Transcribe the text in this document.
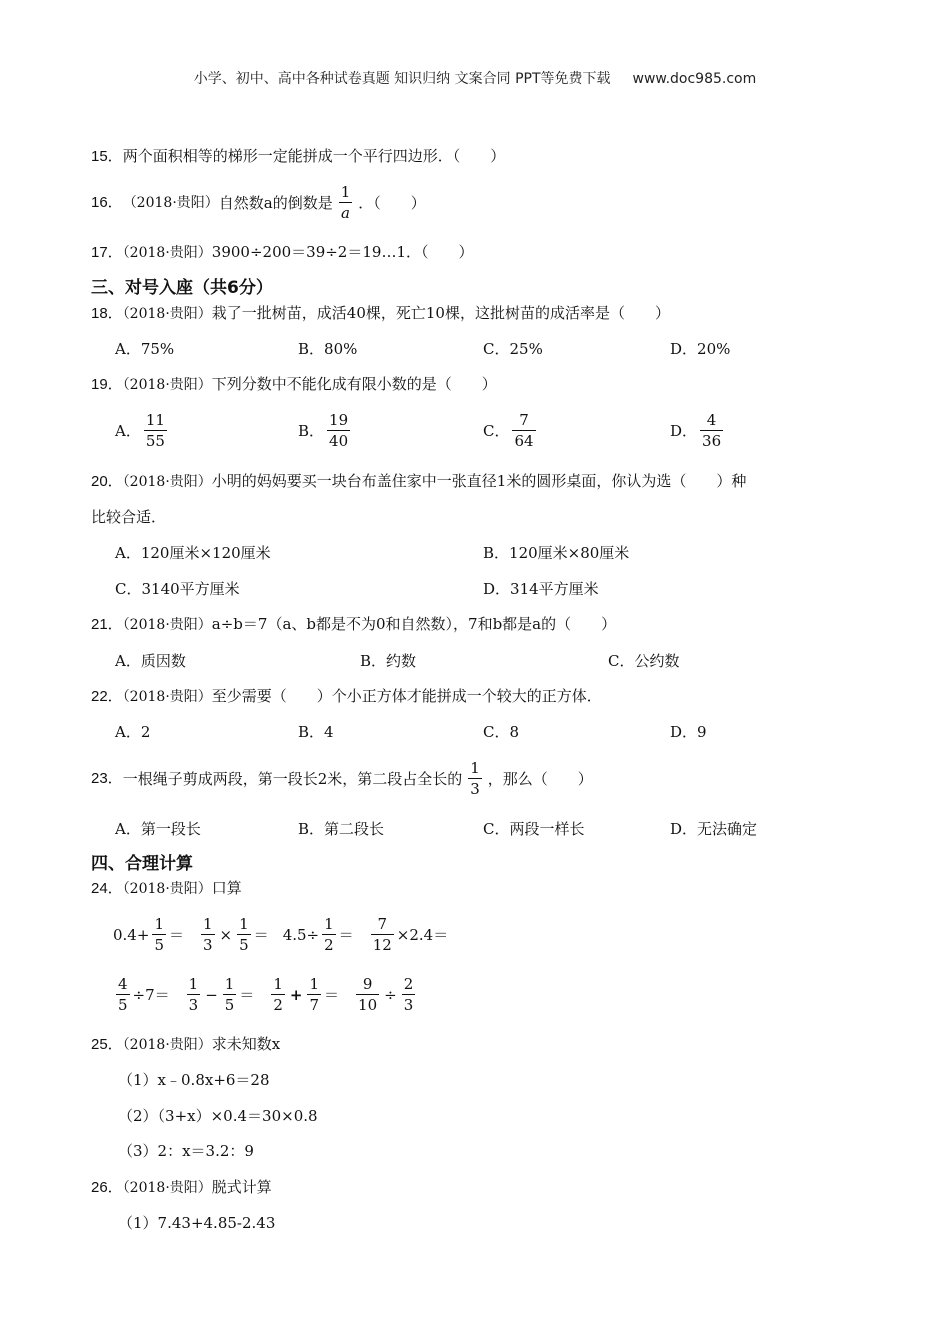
小学、初中、高中各种试卷真题 知识归纳 文案合同 PPT等免费下载 www.doc985.com
15．两个面积相等的梯形一定能拼成一个平行四边形．（　　）
16． （2018·贵阳） 自然数a的倒数是 $\frac{1}{a}$ ．（　　）
17．（2018·贵阳）3900÷200＝39÷2＝19…1．（　　）
三、对号入座（共6分）
18．（2018·贵阳）栽了一批树苗，成活40棵，死亡10棵，这批树苗的成活率是（　　）
A．75%	B．80%	C．25%	D．20%
19．（2018·贵阳）下列分数中不能化成有限小数的是（　　）
A． $\frac{11}{55}$	B． $\frac{19}{40}$	C． $\frac{7}{64}$	D． $\frac{4}{36}$
20．（2018·贵阳）小明的妈妈要买一块台布盖住家中一张直径1米的圆形桌面，你认为选（　　）种
比较合适．
A．120厘米×120厘米	B．120厘米×80厘米
C．3140平方厘米	D．314平方厘米
21．（2018·贵阳）a÷b＝7（a、b都是不为0和自然数），7和b都是a的（　　）
A．质因数	B．约数	C．公约数
22．（2018·贵阳）至少需要（　　）个小正方体才能拼成一个较大的正方体．
A．2	B．4	C．8	D．9
23． 一根绳子剪成两段，第一段长2米，第二段占全长的 $\frac{1}{3}$ ，那么（　　）
A．第一段长	B．第二段长	C．两段一样长	D．无法确定
四、合理计算
24．（2018·贵阳）口算
$0.4+ \frac{1}{5} = \frac{1}{3} \times \frac{1}{5} = 4.5\div \frac{1}{2} = \frac{7}{12} \times 2.4=$
$\frac{4}{5} \div 7= \frac{1}{3} - \frac{1}{5} = \frac{1}{2} + \frac{1}{7} = \frac{9}{10} \div \frac{2}{3}$
25．（2018·贵阳）求未知数x
（1）x﹣0.8x+6＝28
（2）（3+x）×0.4＝30×0.8
（3）2：x＝3.2：9
26．（2018·贵阳）脱式计算
（1）7.43+4.85-2.43
